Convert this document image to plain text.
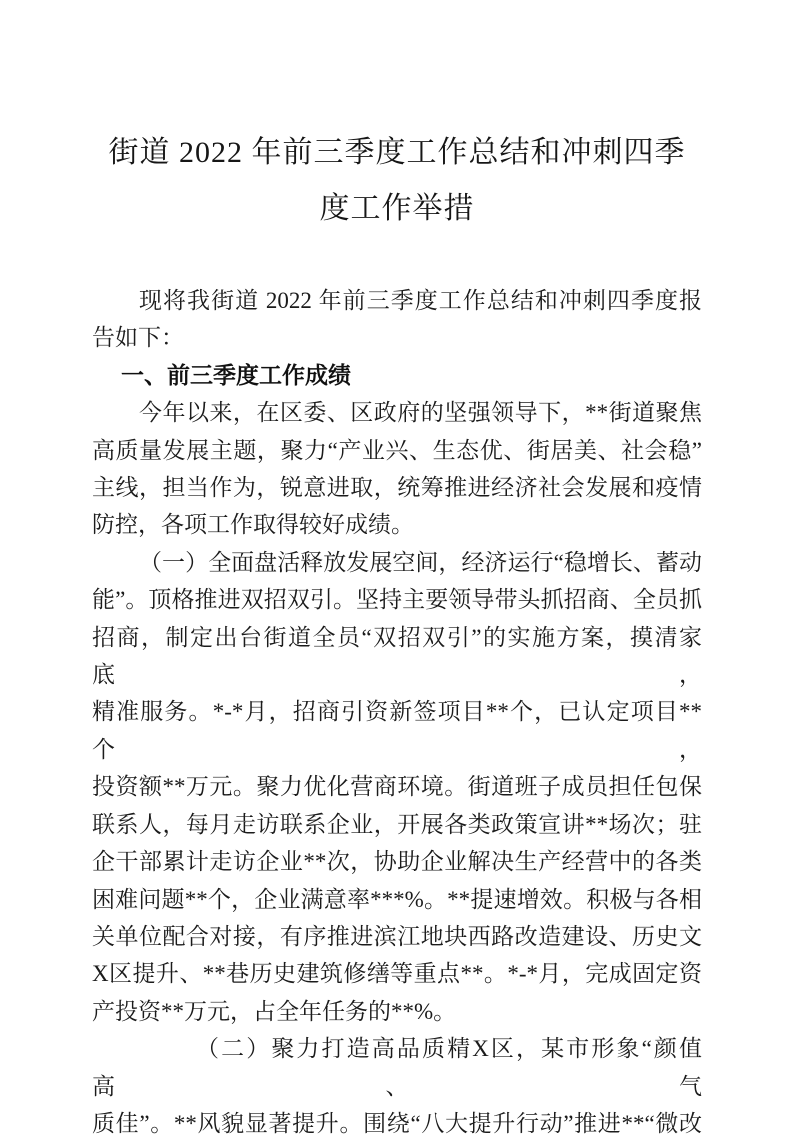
街道 2022 年前三季度工作总结和冲刺四季
度工作举措
现将我街道 2022 年前三季度工作总结和冲刺四季度报
告如下：
一、前三季度工作成绩
今年以来，在区委、区政府的坚强领导下，**街道聚焦
高质量发展主题，聚力“产业兴、生态优、街居美、社会稳”
主线，担当作为，锐意进取，统筹推进经济社会发展和疫情
防控，各项工作取得较好成绩。
（一）全面盘活释放发展空间，经济运行“稳增长、蓄动
能”。顶格推进双招双引。坚持主要领导带头抓招商、全员抓
招商，制定出台街道全员“双招双引”的实施方案，摸清家底，
精准服务。*-*月，招商引资新签项目**个，已认定项目**个，
投资额**万元。聚力优化营商环境。街道班子成员担任包保
联系人，每月走访联系企业，开展各类政策宣讲**场次；驻
企干部累计走访企业**次，协助企业解决生产经营中的各类
困难问题**个，企业满意率***%。**提速增效。积极与各相
关单位配合对接，有序推进滨江地块西路改造建设、历史文
X区提升、**巷历史建筑修缮等重点**。*-*月，完成固定资
产投资**万元，占全年任务的**%。
（二）聚力打造高品质精X区，某市形象“颜值高、气
质佳”。**风貌显著提升。围绕“八大提升行动”推进**“微改
